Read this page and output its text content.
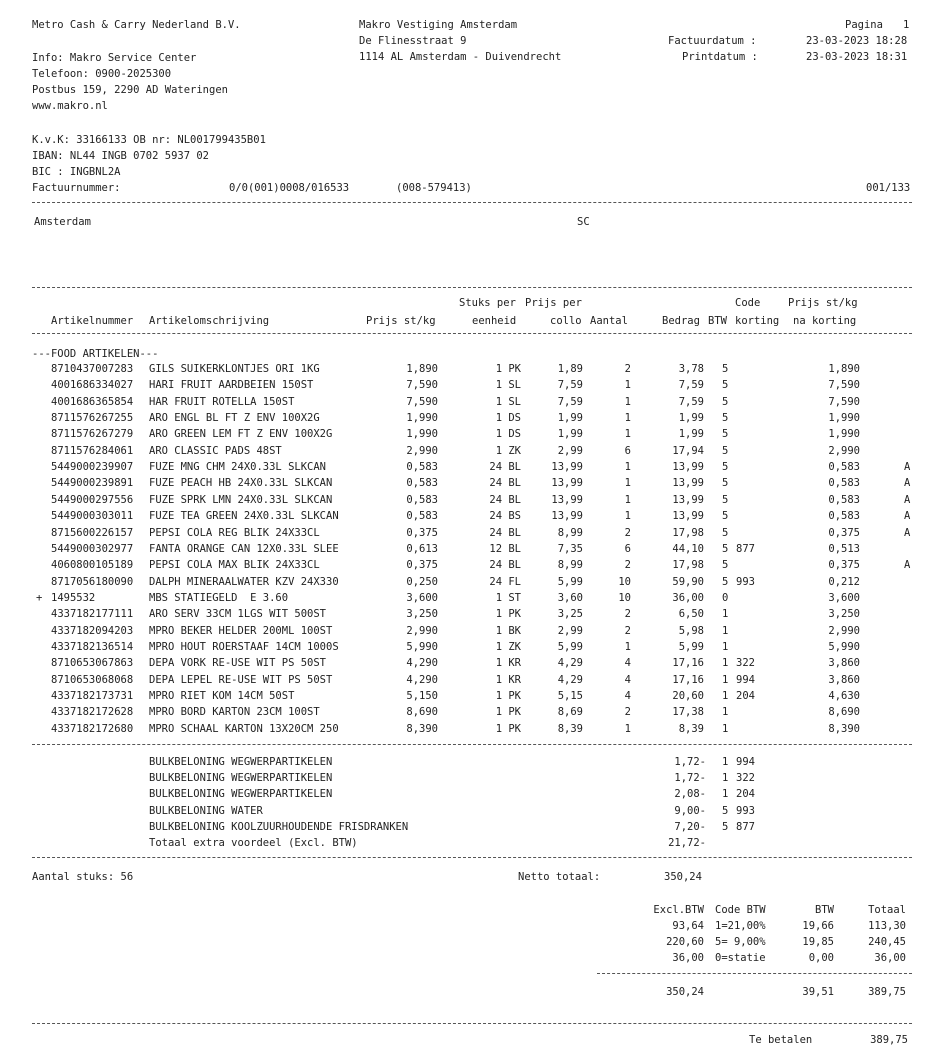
Metro Cash & Carry Nederland B.V.
Info: Makro Service Center
Telefoon: 0900-2025300
Postbus 159, 2290 AD Wateringen
www.makro.nl
Makro Vestiging Amsterdam
De Flinesstraat 9
1114 AL Amsterdam - Duivendrecht
Pagina 1
Factuurdatum :	23-03-2023 18:28
Printdatum :	23-03-2023 18:31
K.v.K: 33166133 OB nr: NL001799435B01
IBAN: NL44 INGB 0702 5937 02
BIC : INGBNL2A
Factuurnummer:	0/0(001)0008/016533	(008-579413)	001/133
Amsterdam	SC
Stuks per Prijs per	Code	Prijs st/kg
Artikelnummer Artikelomschrijving	Prijs st/kg	eenheid	collo Aantal	Bedrag BTW korting na korting
---FOOD ARTIKELEN---
8710437007283	GILS SUIKERKLONTJES ORI 1KG	1,890	1 PK	1,89	2	3,78 5	1,890
4001686334027	HARI FRUIT AARDBEIEN 150ST	7,590	1 SL	7,59	1	7,59 5	7,590
4001686365854	HAR FRUIT ROTELLA 150ST	7,590	1 SL	7,59	1	7,59 5	7,590
8711576267255	ARO ENGL BL FT Z ENV 100X2G	1,990	1 DS	1,99	1	1,99 5	1,990
8711576267279	ARO GREEN LEM FT Z ENV 100X2G	1,990	1 DS	1,99	1	1,99 5	1,990
8711576284061	ARO CLASSIC PADS 48ST	2,990	1 ZK	2,99	6	17,94 5	2,990
5449000239907	FUZE MNG CHM 24X0.33L SLKCAN	0,583	24 BL	13,99	1	13,99 5	0,583	A
5449000239891	FUZE PEACH HB 24X0.33L SLKCAN	0,583	24 BL	13,99	1	13,99 5	0,583	A
5449000297556	FUZE SPRK LMN 24X0.33L SLKCAN	0,583	24 BL	13,99	1	13,99 5	0,583	A
5449000303011	FUZE TEA GREEN 24X0.33L SLKCAN	0,583	24 BS	13,99	1	13,99 5	0,583	A
8715600226157	PEPSI COLA REG BLIK 24X33CL	0,375	24 BL	8,99	2	17,98 5	0,375	A
5449000302977	FANTA ORANGE CAN 12X0.33L SLEE	0,613	12 BL	7,35	6	44,10 5 877	0,513
4060800105189	PEPSI COLA MAX BLIK 24X33CL	0,375	24 BL	8,99	2	17,98 5	0,375	A
8717056180090	DALPH MINERAALWATER KZV 24X330	0,250	24 FL	5,99	10	59,90 5 993	0,212
+ 1495532	MBS STATIEGELD  E 3.60	3,600	1 ST	3,60	10	36,00 0	3,600
4337182177111	ARO SERV 33CM 1LGS WIT 500ST	3,250	1 PK	3,25	2	6,50 1	3,250
4337182094203	MPRO BEKER HELDER 200ML 100ST	2,990	1 BK	2,99	2	5,98 1	2,990
4337182136514	MPRO HOUT ROERSTAAF 14CM 1000S	5,990	1 ZK	5,99	1	5,99 1	5,990
8710653067863	DEPA VORK RE-USE WIT PS 50ST	4,290	1 KR	4,29	4	17,16 1 322	3,860
8710653068068	DEPA LEPEL RE-USE WIT PS 50ST	4,290	1 KR	4,29	4	17,16 1 994	3,860
4337182173731	MPRO RIET KOM 14CM 50ST	5,150	1 PK	5,15	4	20,60 1 204	4,630
4337182172628	MPRO BORD KARTON 23CM 100ST	8,690	1 PK	8,69	2	17,38 1	8,690
4337182172680	MPRO SCHAAL KARTON 13X20CM 250	8,390	1 PK	8,39	1	8,39 1	8,390
BULKBELONING WEGWERPARTIKELEN	1,72- 1 994
BULKBELONING WEGWERPARTIKELEN	1,72- 1 322
BULKBELONING WEGWERPARTIKELEN	2,08- 1 204
BULKBELONING WATER	9,00- 5 993
BULKBELONING KOOLZUURHOUDENDE FRISDRANKEN	7,20- 5 877
Totaal extra voordeel (Excl. BTW)	21,72-
Aantal stuks: 56	Netto totaal:	350,24
Excl.BTW Code BTW	BTW	Totaal
93,64 1=21,00%	19,66	113,30
220,60 5= 9,00%	19,85	240,45
36,00 0=statie	0,00	36,00
350,24	39,51	389,75
Te betalen	389,75
